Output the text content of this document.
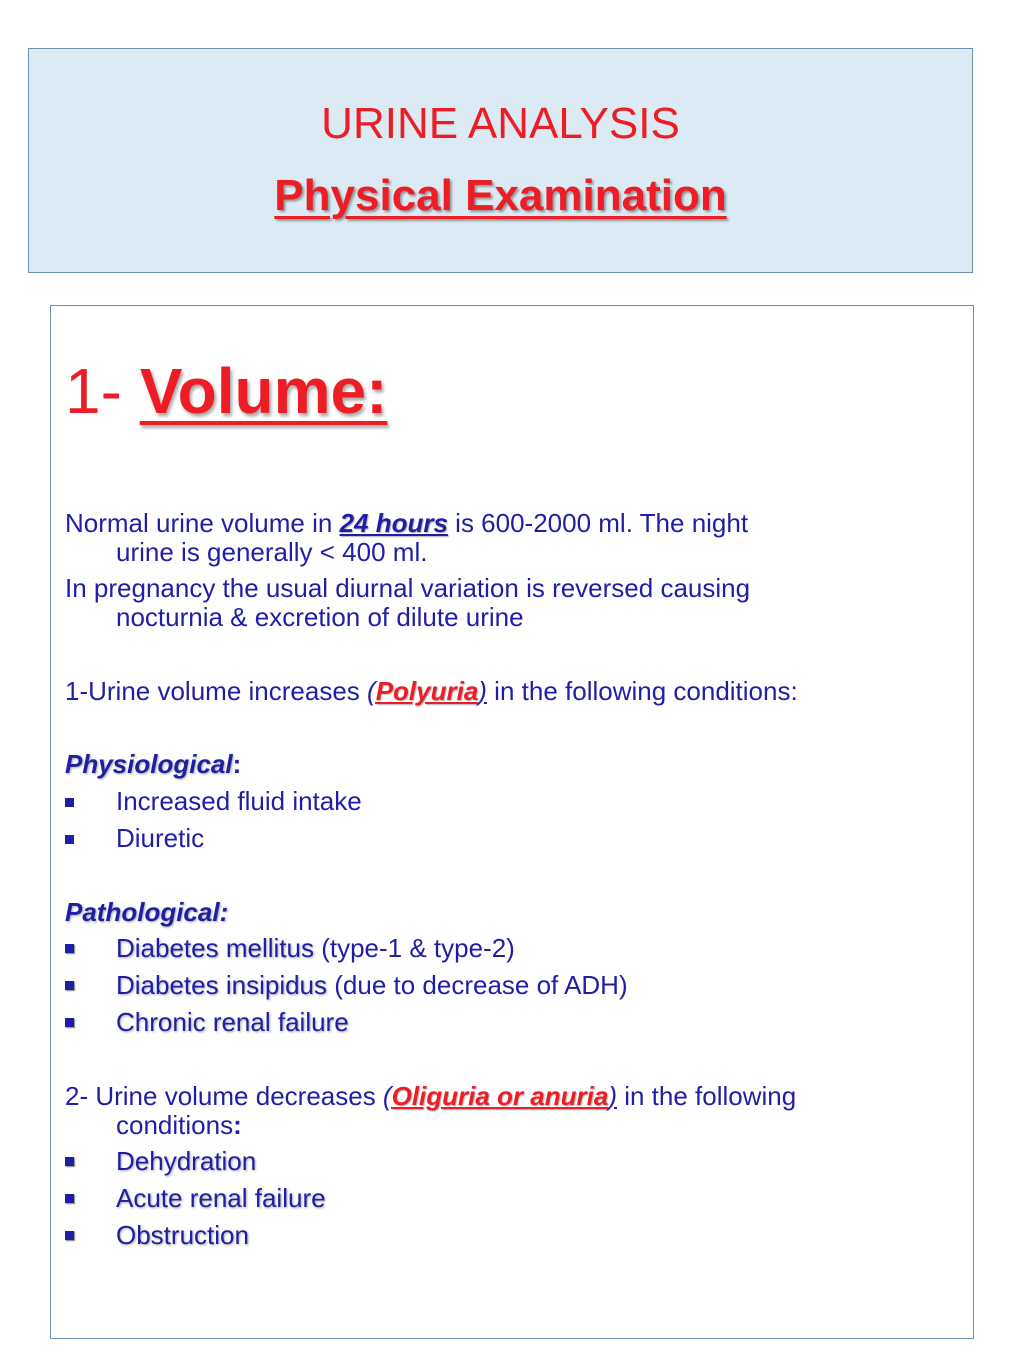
URINE ANALYSIS
Physical Examination
1- Volume:
Normal urine volume in 24 hours is 600-2000 ml. The night
urine is generally < 400 ml.
In pregnancy the usual diurnal variation is reversed causing
nocturnia & excretion of dilute urine
1-Urine volume increases (Polyuria) in the following conditions:
Physiological:
Increased fluid intake
Diuretic
Pathological:
Diabetes mellitus (type-1 & type-2)
Diabetes insipidus (due to decrease of ADH)
Chronic renal failure
2- Urine volume decreases (Oliguria or anuria) in the following
conditions:
Dehydration
Acute renal failure
Obstruction
